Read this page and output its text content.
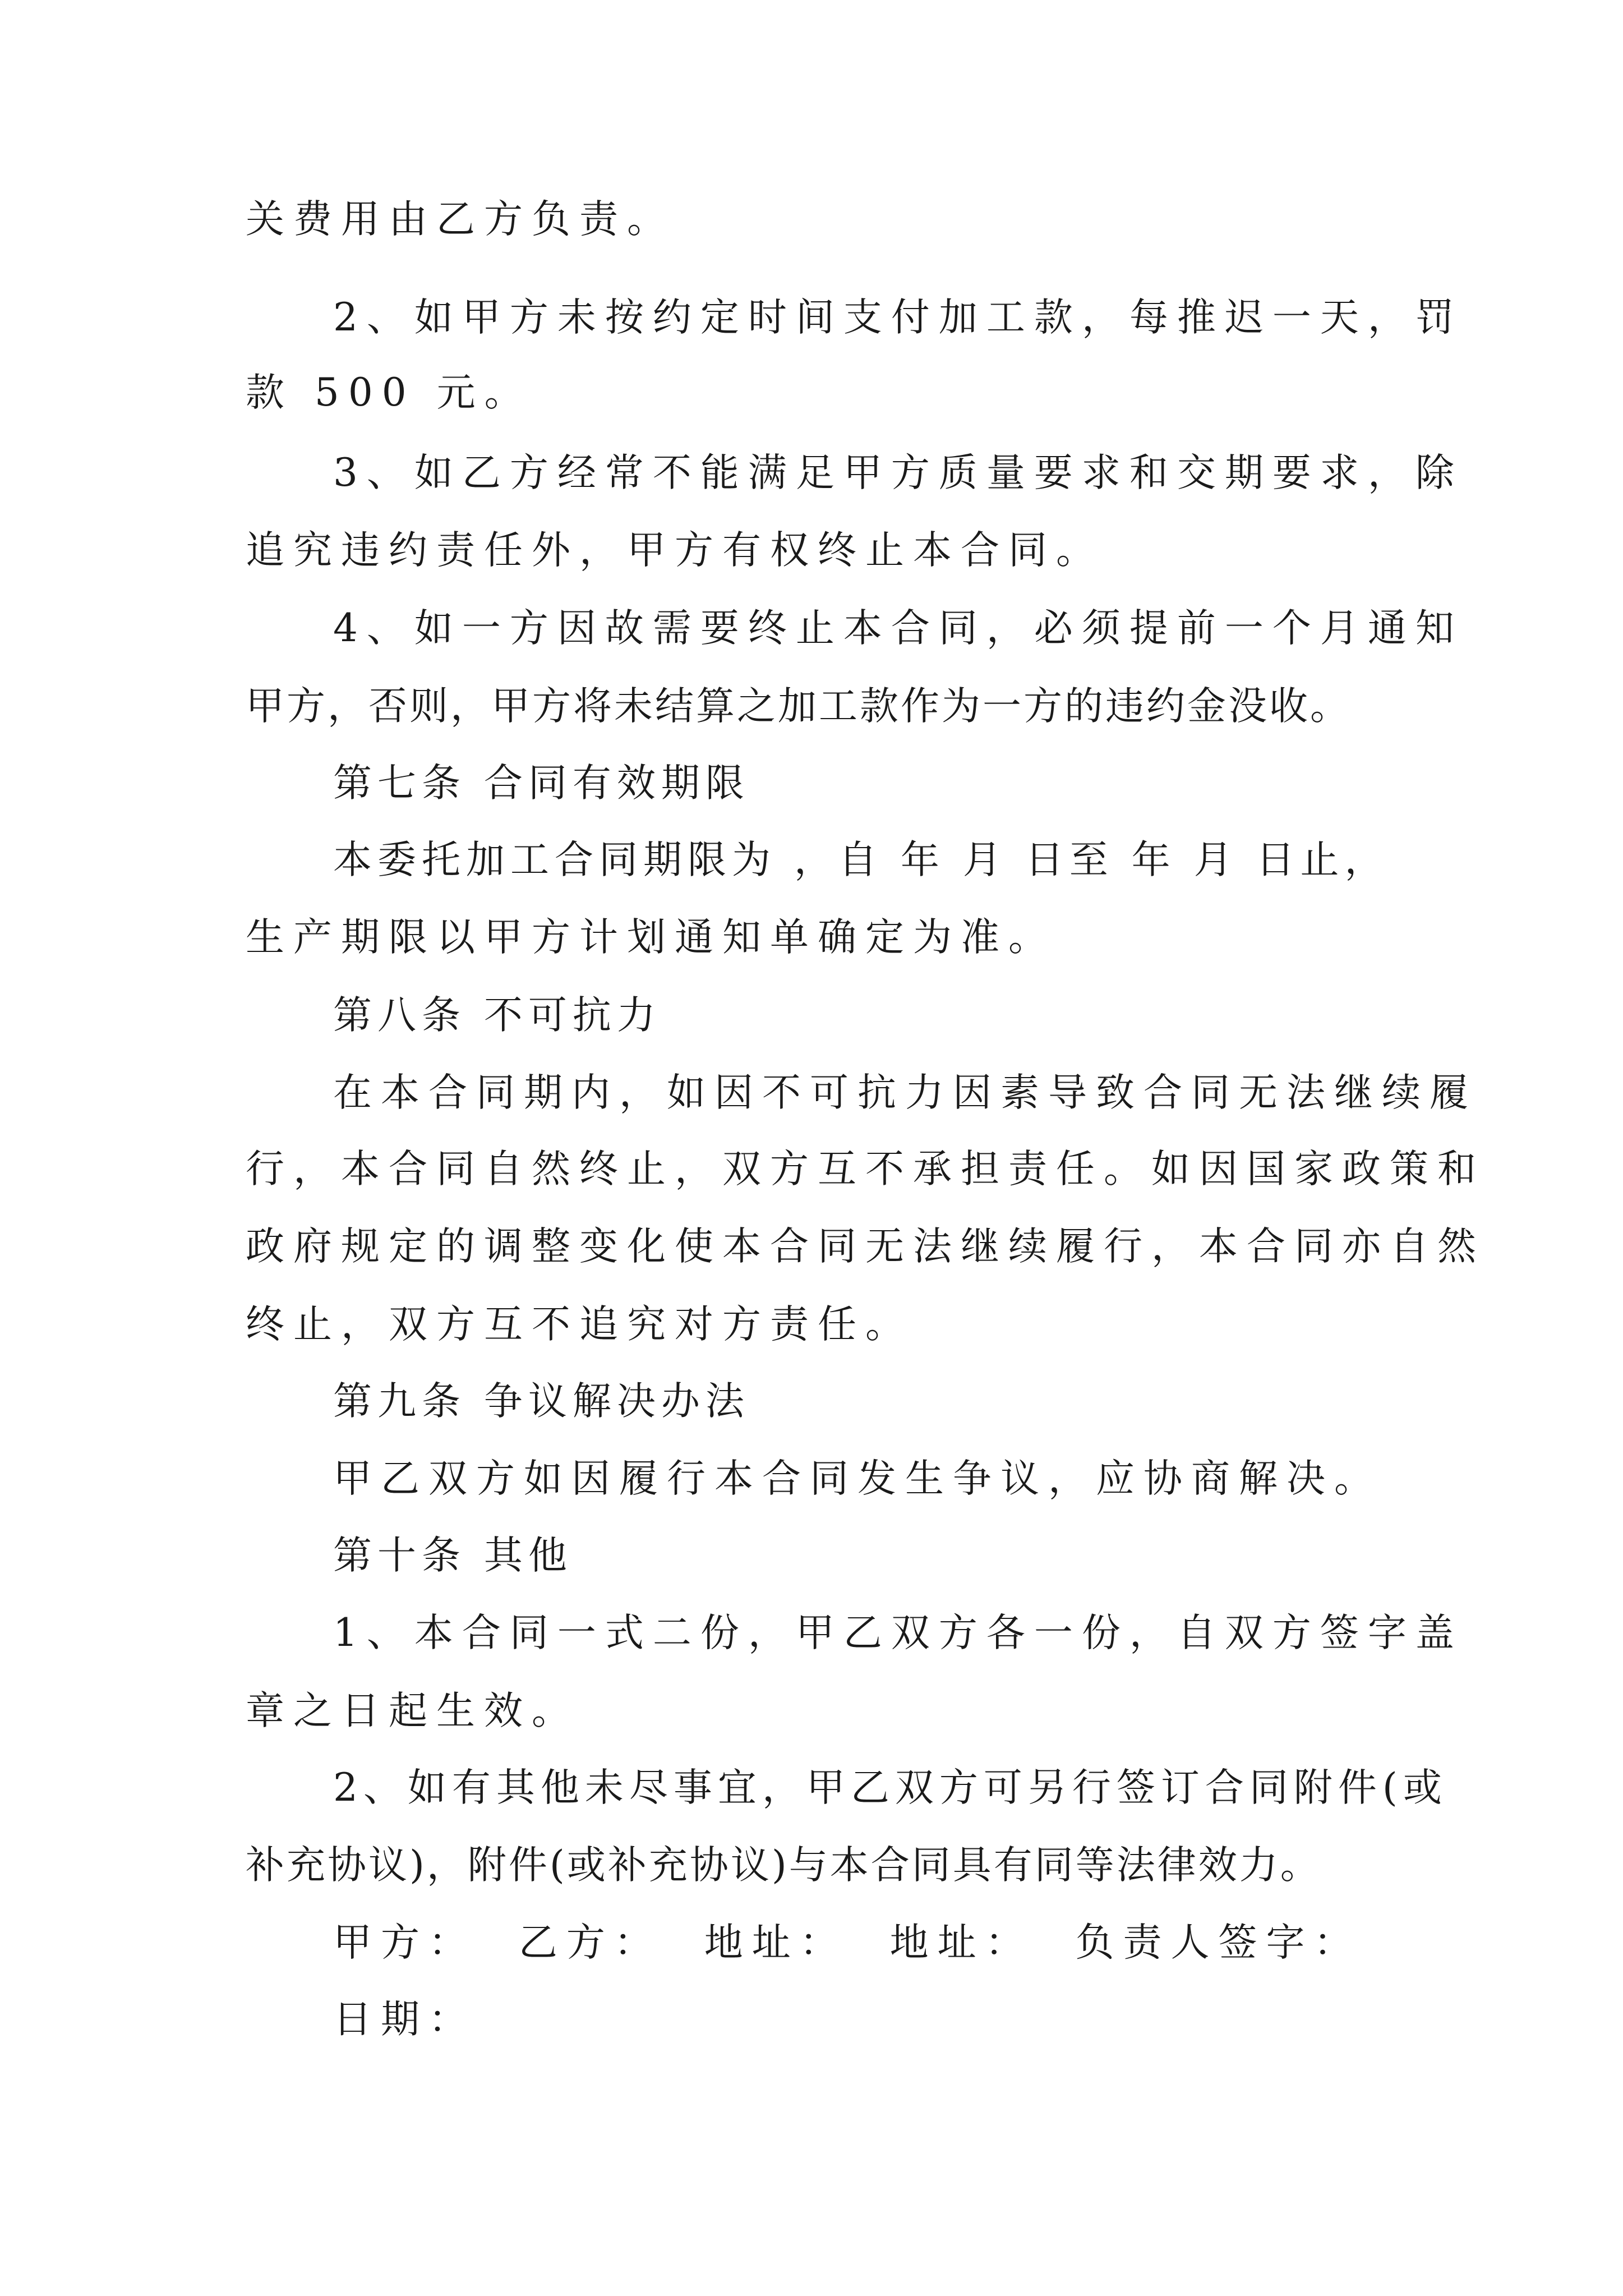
关费用由乙方负责。
2、如甲方未按约定时间支付加工款，每推迟一天，罚
款 500 元。
3、如乙方经常不能满足甲方质量要求和交期要求，除
追究违约责任外，甲方有权终止本合同。
4、如一方因故需要终止本合同，必须提前一个月通知
甲方，否则，甲方将未结算之加工款作为一方的违约金没收。
第七条 合同有效期限
本委托加工合同期限为 ，自 年 月 日至 年 月 日止，
生产期限以甲方计划通知单确定为准。
第八条 不可抗力
在本合同期内，如因不可抗力因素导致合同无法继续履
行，本合同自然终止，双方互不承担责任。如因国家政策和
政府规定的调整变化使本合同无法继续履行，本合同亦自然
终止，双方互不追究对方责任。
第九条 争议解决办法
甲乙双方如因履行本合同发生争议，应协商解决。
第十条 其他
1、本合同一式二份，甲乙双方各一份，自双方签字盖
章之日起生效。
2、如有其他未尽事宜，甲乙双方可另行签订合同附件(或
补充协议)，附件(或补充协议)与本合同具有同等法律效力。
甲方：  乙方：  地址：  地址：  负责人签字：
日期：
